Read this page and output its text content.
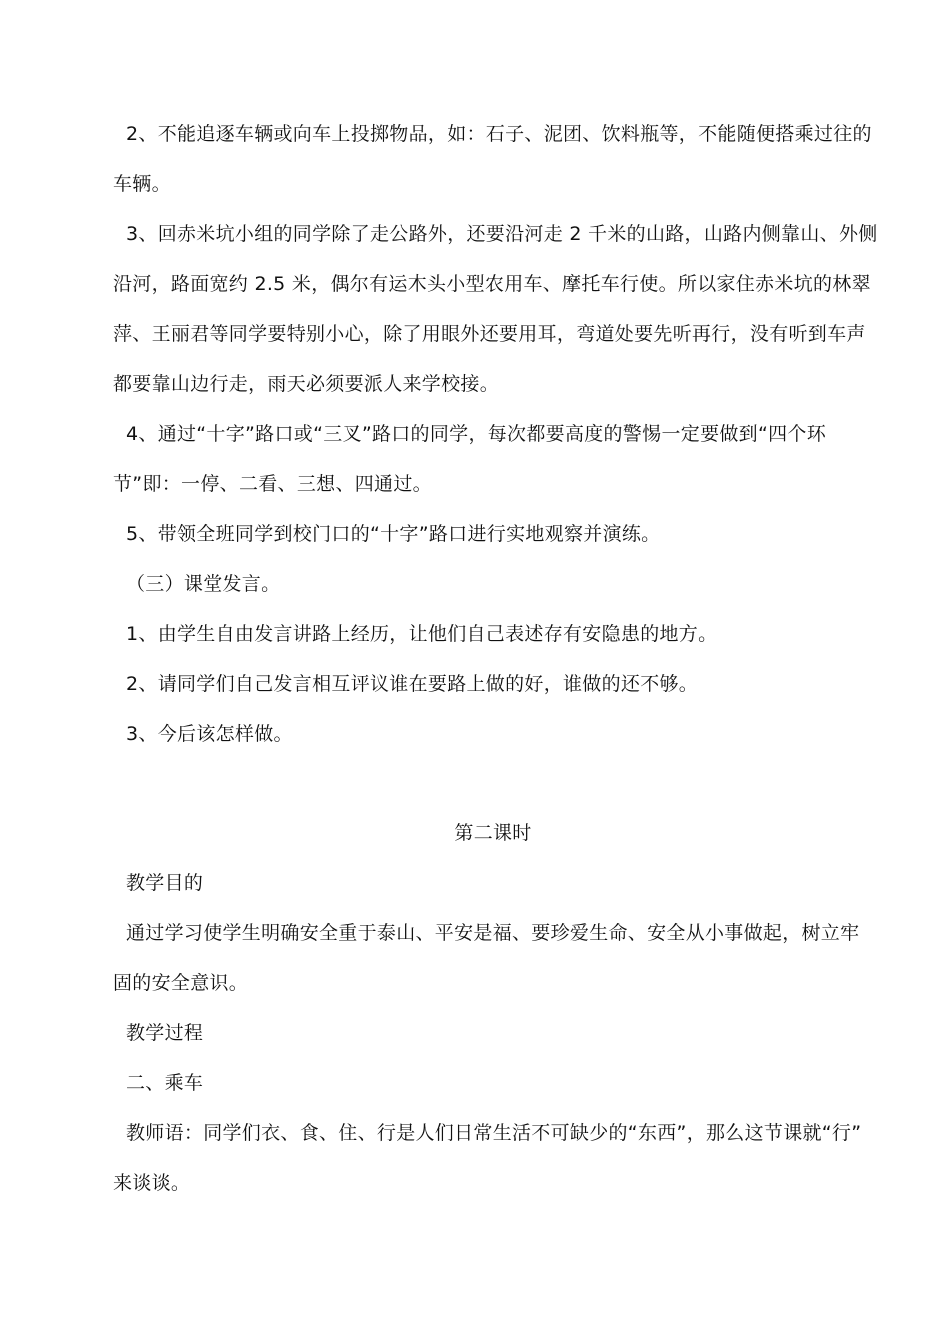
2、不能追逐车辆或向车上投掷物品，如：石子、泥团、饮料瓶等，不能随便搭乘过往的
车辆。
3、回赤米坑小组的同学除了走公路外，还要沿河走 2 千米的山路，山路内侧靠山、外侧
沿河，路面宽约 2.5 米，偶尔有运木头小型农用车、摩托车行使。所以家住赤米坑的林翠
萍、王丽君等同学要特别小心，除了用眼外还要用耳，弯道处要先听再行，没有听到车声
都要靠山边行走，雨天必须要派人来学校接。
4、通过“十字”路口或“三叉”路口的同学，每次都要高度的警惕一定要做到“四个环
节”即：一停、二看、三想、四通过。
5、带领全班同学到校门口的“十字”路口进行实地观察并演练。
（三）课堂发言。
1、由学生自由发言讲路上经历，让他们自己表述存有安隐患的地方。
2、请同学们自己发言相互评议谁在要路上做的好，谁做的还不够。
3、今后该怎样做。
第二课时
教学目的
通过学习使学生明确安全重于泰山、平安是福、要珍爱生命、安全从小事做起，树立牢
固的安全意识。
教学过程
二、乘车
教师语：同学们衣、食、住、行是人们日常生活不可缺少的“东西”，那么这节课就“行”
来谈谈。
